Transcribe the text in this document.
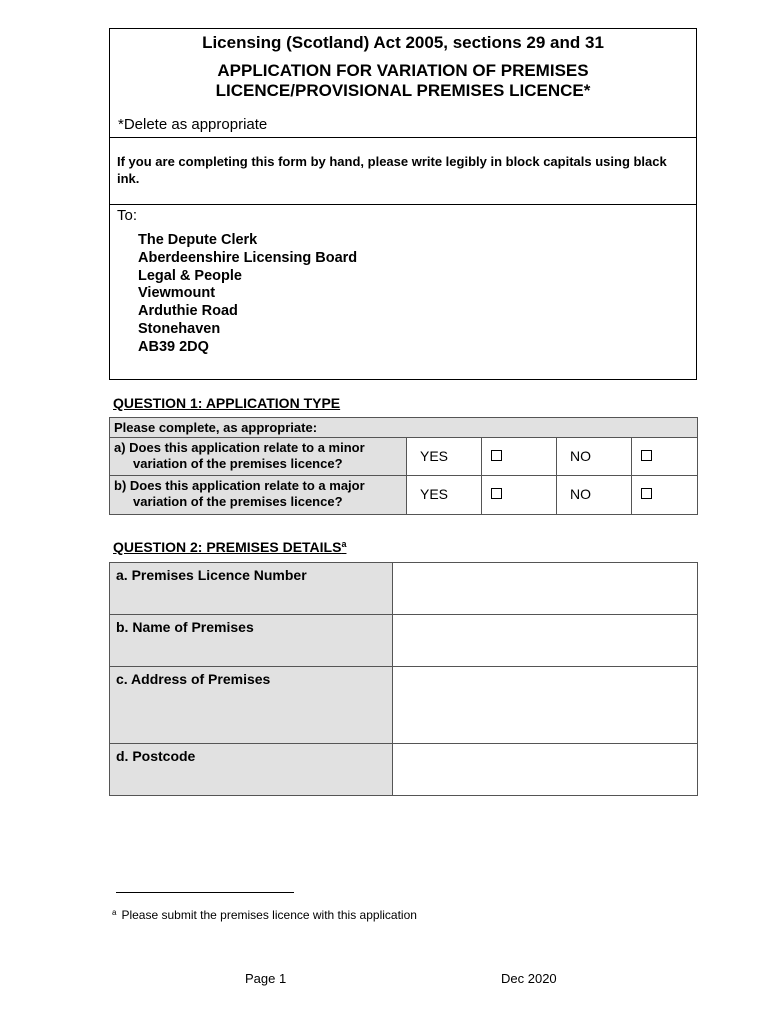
Licensing (Scotland) Act 2005, sections 29 and 31
APPLICATION FOR VARIATION OF PREMISES
LICENCE/PROVISIONAL PREMISES LICENCE*
*Delete as appropriate
If you are completing this form by hand, please write legibly in block capitals using black ink.
To:
The Depute Clerk
Aberdeenshire Licensing Board
Legal & People
Viewmount
Arduthie Road
Stonehaven
AB39 2DQ
QUESTION 1: APPLICATION TYPE
Please complete, as appropriate:				
a) Does this application relate to a minor
variation of the premises licence?	YES		NO	
b) Does this application relate to a major
variation of the premises licence?	YES		NO	
QUESTION 2: PREMISES DETAILS$^a$
a. Premises Licence Number	
b. Name of Premises	
c. Address of Premises	
d. Postcode	
$^a$ Please submit the premises licence with this application
Page 1	Dec 2020
